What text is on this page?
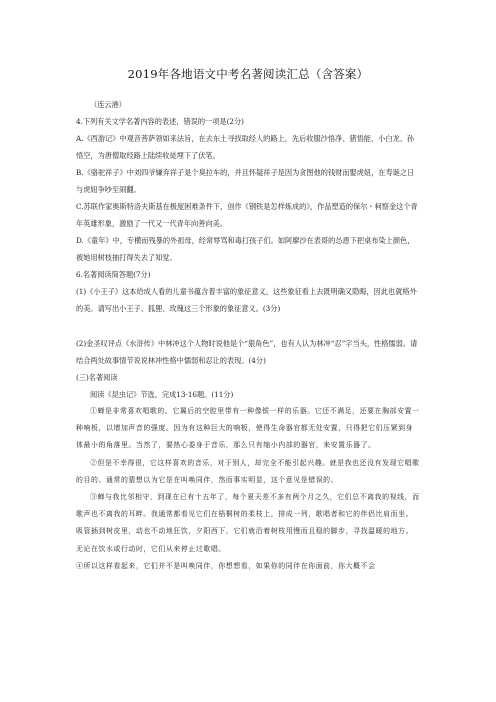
2019年各地语文中考名著阅读汇总（含答案）

（连云港）

4.下列有关文学名著内容的表述，错误的一项是(2分)

A.《西游记》中观音菩萨领如来法旨，在去东土寻找取经人的路上，先后收服沙悟净、猪悟能、小白龙、孙悟空，为唐僧取经路上陆续收徒埋下了伏笔。

B.《骆驼祥子》中刘四爷嫌弃祥子是个臭拉车的，并且怀疑祥子是因为贪图他的钱财而娶虎妞，在寿诞之日与虎妞争吵至闹翻。

C.苏联作家奥斯特洛夫斯基在极度困难条件下，创作《钢铁是怎样炼成的》，作品塑造的保尔・柯察金这个青年英雄形象，激励了一代又一代青年向善向美。

D.《童年》中，专横而残暴的外祖母，经常辱骂和毒打孩子们。如阿廖沙在表哥的怂恿下把桌布染上颜色，被她用树枝抽打得失去了知觉。

6.名著阅读简答题(7分)

(1)《小王子》这本给成人看的儿童书蕴含着丰富的象征意义，这些象征看上去既明确又隐晦，因此也就格外的美。请写出小王子、狐狸、玫瑰这三个形象的象征意义。(3分)

(2)金圣叹评点《水浒传》中林冲这个人物时说他是个“狠角色”，也有人认为林冲“忍”字当头，性格懦弱。请结合两处故事情节说说林冲性格中懦弱和忍让的表现。(4分)

(三)名著阅读

阅读《昆虫记》节选，完成13-16题。(11分)

①蝉是非常喜欢唱歌的。它翼后的空腔里带有一种像钹一样的乐器。它还不满足，还要在胸部安置一种响板，以增加声音的强度。因为有这种巨大的响板，使得生命器官都无处安置，只得把它们压紧到身体最小的角落里。当然了，要热心委身于音乐，那么只有缩小内部的器官，来安置乐器了。

②但是不幸得很，它这样喜欢的音乐，对于别人，却完全不能引起兴趣。就是我也还没有发现它唱歌的目的。通常的猜想以为它是在叫唤同伴，然而事实明显，这个意见是错误的。

③蝉与我比邻相守，到现在已有十五年了，每个夏天差不多有两个月之久，它们总不离我的视线，而歌声也不离我的耳畔。我通常都看见它们在梧桐树的柔枝上，排成一列，歌唱者和它的伴侣比肩而坐。吸管插到树皮里，动也不动地狂饮，夕阳西下，它们就沿着树枝用慢而且稳的脚步，寻找温暖的地方。无论在饮水或行动时，它们从来停止过歌唱。

④所以这样看起来，它们并不是叫唤同伴，你想想看，如果你的同伴在你面前，你大概不会
